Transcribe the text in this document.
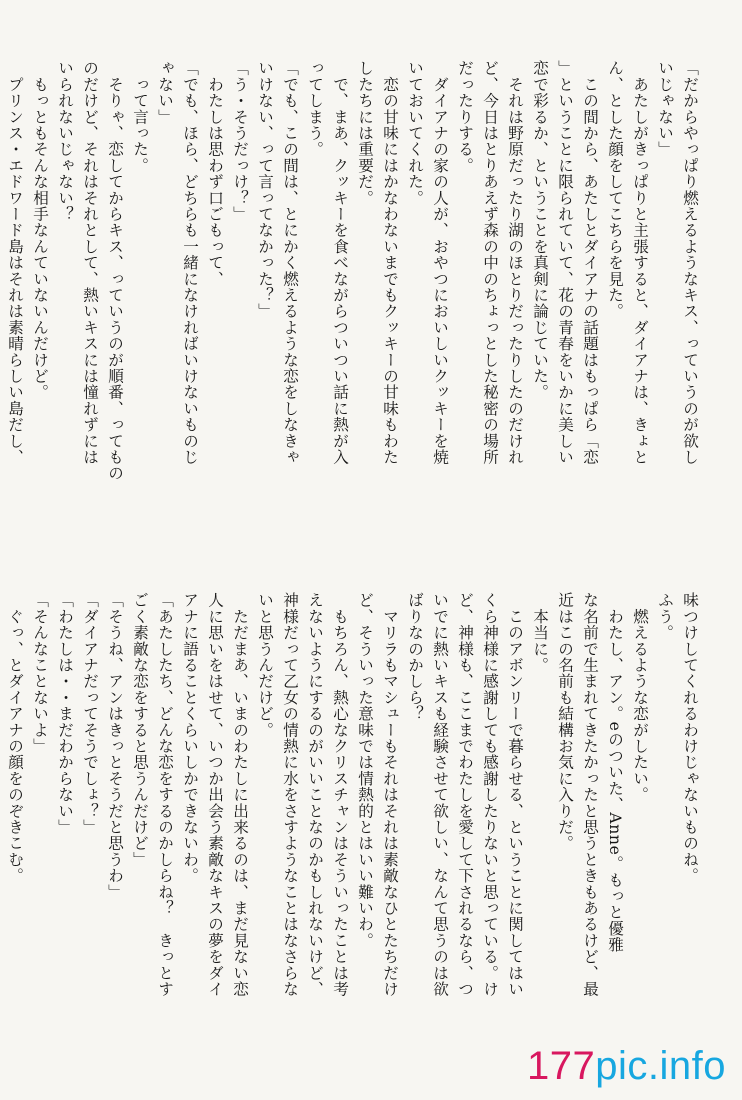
「だからやっぱり燃えるようなキス、っていうのが欲し
いじゃない」
　あたしがきっぱりと主張すると、ダイアナは、きょと
ん、とした顔をしてこちらを見た。
　この間から、あたしとダイアナの話題はもっぱら「恋
」ということに限られていて、花の青春をいかに美しい
恋で彩るか、ということを真剣に論じていた。
　それは野原だったり湖のほとりだったりしたのだけれ
ど、今日はとりあえず森の中のちょっとした秘密の場所
だったりする。
　ダイアナの家の人が、おやつにおいしいクッキーを焼
いておいてくれた。
　恋の甘味にはかなわないまでもクッキーの甘味もわた
したちには重要だ。
　で、まあ、クッキーを食べながらついつい話に熱が入
ってしまう。
「でも、この間は、とにかく燃えるような恋をしなきゃ
いけない、って言ってなかった？」
「う・そうだっけ？」
　わたしは思わず口ごもって、
「でも、ほら、どちらも一緒になければいけないものじ
ゃない」
　って言った。
　そりゃ、恋してからキス、っていうのが順番、ってもの
のだけど、それはそれとして、熱いキスには憧れずには
いられないじゃない？
　もっともそんな相手なんていないんだけど。
　プリンス・エドワード島はそれは素晴らしい島だし、
味つけしてくれるわけじゃないものね。
ふう。
　燃えるような恋がしたい。
　わたし、アン。eのついた、Anne。もっと優雅
な名前で生まれてきたかったと思うときもあるけど、最
近はこの名前も結構お気に入りだ。
　本当に。
　このアボンリーで暮らせる、ということに関してはい
くら神様に感謝しても感謝したりないと思っている。け
ど、神様も、ここまでわたしを愛して下されるなら、つ
いでに熱いキスも経験させて欲しい、なんて思うのは欲
ばりなのかしら？
　マリラもマシューもそれはそれは素敵なひとたちだけ
ど、そういった意味では情熱的とはいい難いわ。
　もちろん、熱心なクリスチャンはそういったことは考
えないようにするのがいいことなのかもしれないけど、
神様だって乙女の情熱に水をさすようなことはなさらな
いと思うんだけど。
　ただまあ、いまのわたしに出来るのは、まだ見ない恋
人に思いをはせて、いつか出会う素敵なキスの夢をダイ
アナに語ることくらいしかできないわ。
「あたしたち、どんな恋をするのかしらね？　きっとす
ごく素敵な恋をすると思うんだけど」
「そうね、アンはきっとそうだと思うわ」
「ダイアナだってそうでしょ？」
「わたしは・・まだわからない」
「そんなことないよ」
　ぐっ、とダイアナの顔をのぞきこむ。
177pic.info
